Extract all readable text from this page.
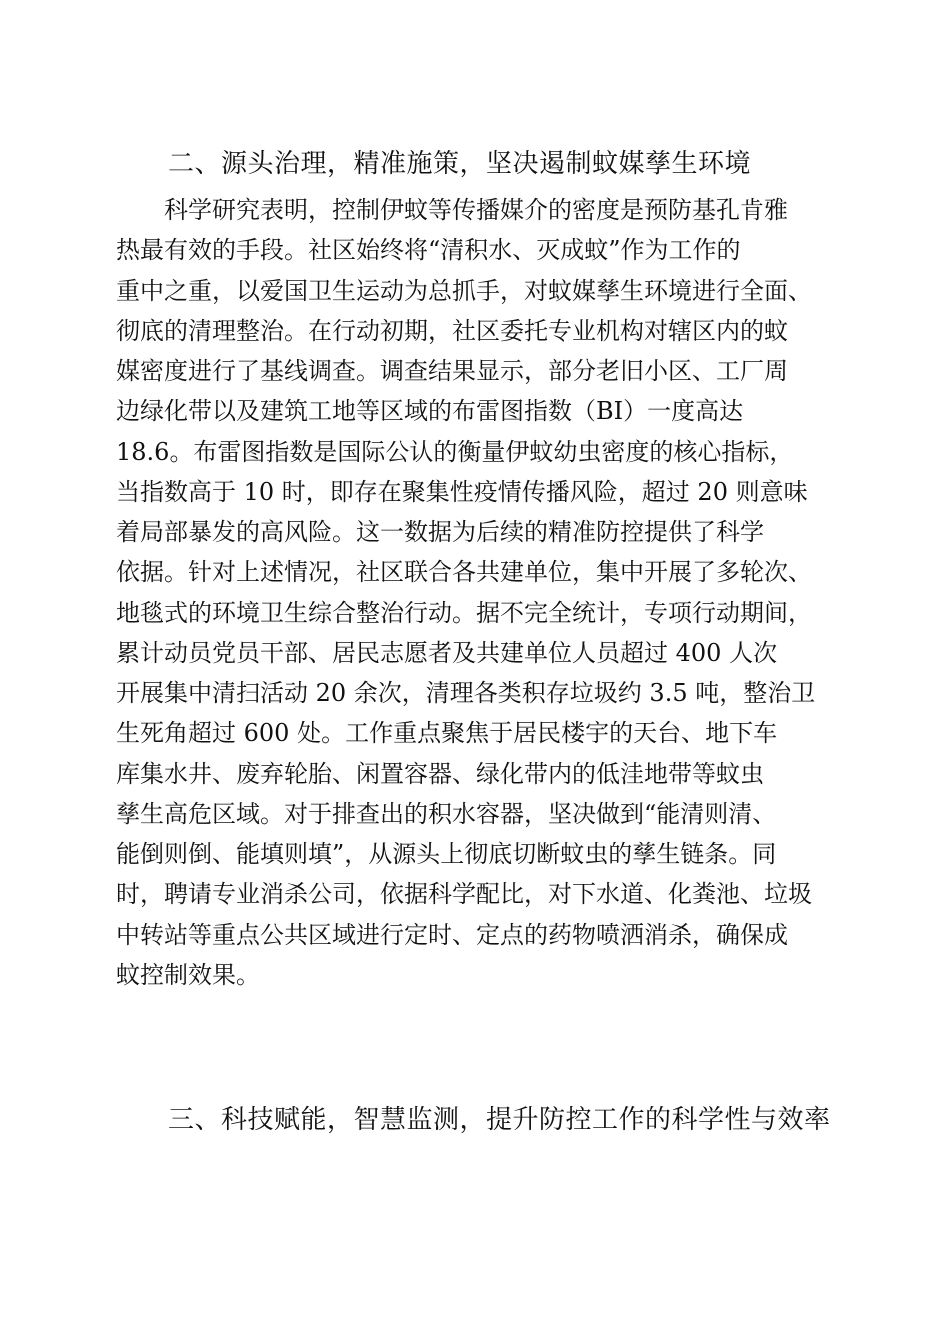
二、源头治理，精准施策，坚决遏制蚊媒孳生环境
科学研究表明，控制伊蚊等传播媒介的密度是预防基孔肯雅
热最有效的手段。社区始终将“清积水、灭成蚊”作为工作的
重中之重，以爱国卫生运动为总抓手，对蚊媒孳生环境进行全面、
彻底的清理整治。在行动初期，社区委托专业机构对辖区内的蚊
媒密度进行了基线调查。调查结果显示，部分老旧小区、工厂周
边绿化带以及建筑工地等区域的布雷图指数（BI）一度高达
18.6。布雷图指数是国际公认的衡量伊蚊幼虫密度的核心指标，
当指数高于 10 时，即存在聚集性疫情传播风险，超过 20 则意味
着局部暴发的高风险。这一数据为后续的精准防控提供了科学
依据。针对上述情况，社区联合各共建单位，集中开展了多轮次、
地毯式的环境卫生综合整治行动。据不完全统计，专项行动期间，
累计动员党员干部、居民志愿者及共建单位人员超过 400 人次
开展集中清扫活动 20 余次，清理各类积存垃圾约 3.5 吨，整治卫
生死角超过 600 处。工作重点聚焦于居民楼宇的天台、地下车
库集水井、废弃轮胎、闲置容器、绿化带内的低洼地带等蚊虫
孳生高危区域。对于排查出的积水容器，坚决做到“能清则清、
能倒则倒、能填则填”，从源头上彻底切断蚊虫的孳生链条。同
时，聘请专业消杀公司，依据科学配比，对下水道、化粪池、垃圾
中转站等重点公共区域进行定时、定点的药物喷洒消杀，确保成
蚊控制效果。
三、科技赋能，智慧监测，提升防控工作的科学性与效率
